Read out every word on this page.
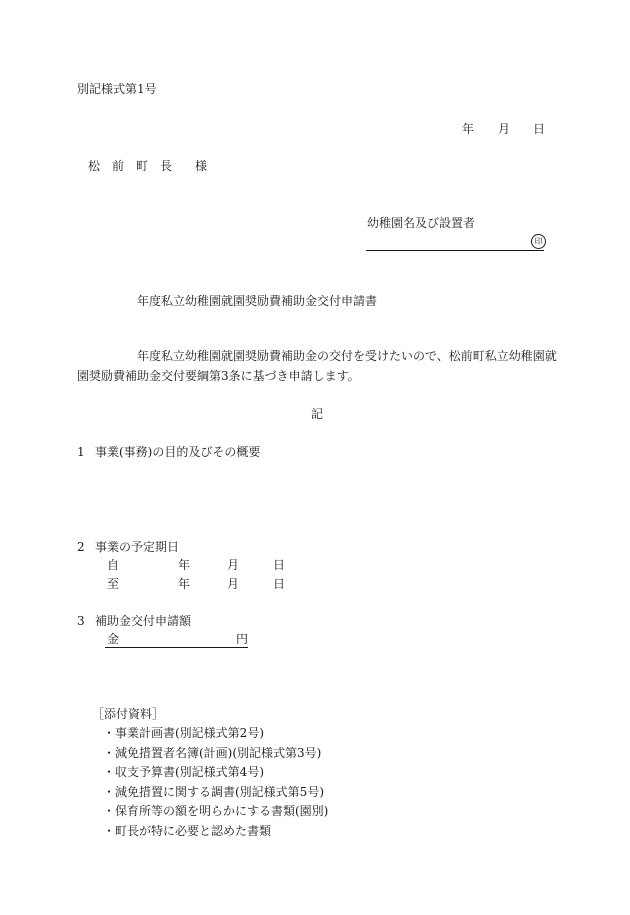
別記様式第1号
年 月 日
松　前　町　長 様
幼稚園名及び設置者
印
年度私立幼稚園就園奨励費補助金交付申請書
年度私立幼稚園就園奨励費補助金の交付を受けたいので、松前町私立幼稚園就
園奨励費補助金交付要綱第3条に基づき申請します。
記
1 事業(事務)の目的及びその概要
2 事業の予定期日
自	年	月	日
至	年	月	日
3 補助金交付申請額
金	円
［添付資料］
・事業計画書(別記様式第2号)
・減免措置者名簿(計画)(別記様式第3号)
・収支予算書(別記様式第4号)
・減免措置に関する調書(別記様式第5号)
・保育所等の額を明らかにする書類(園別)
・町長が特に必要と認めた書類
